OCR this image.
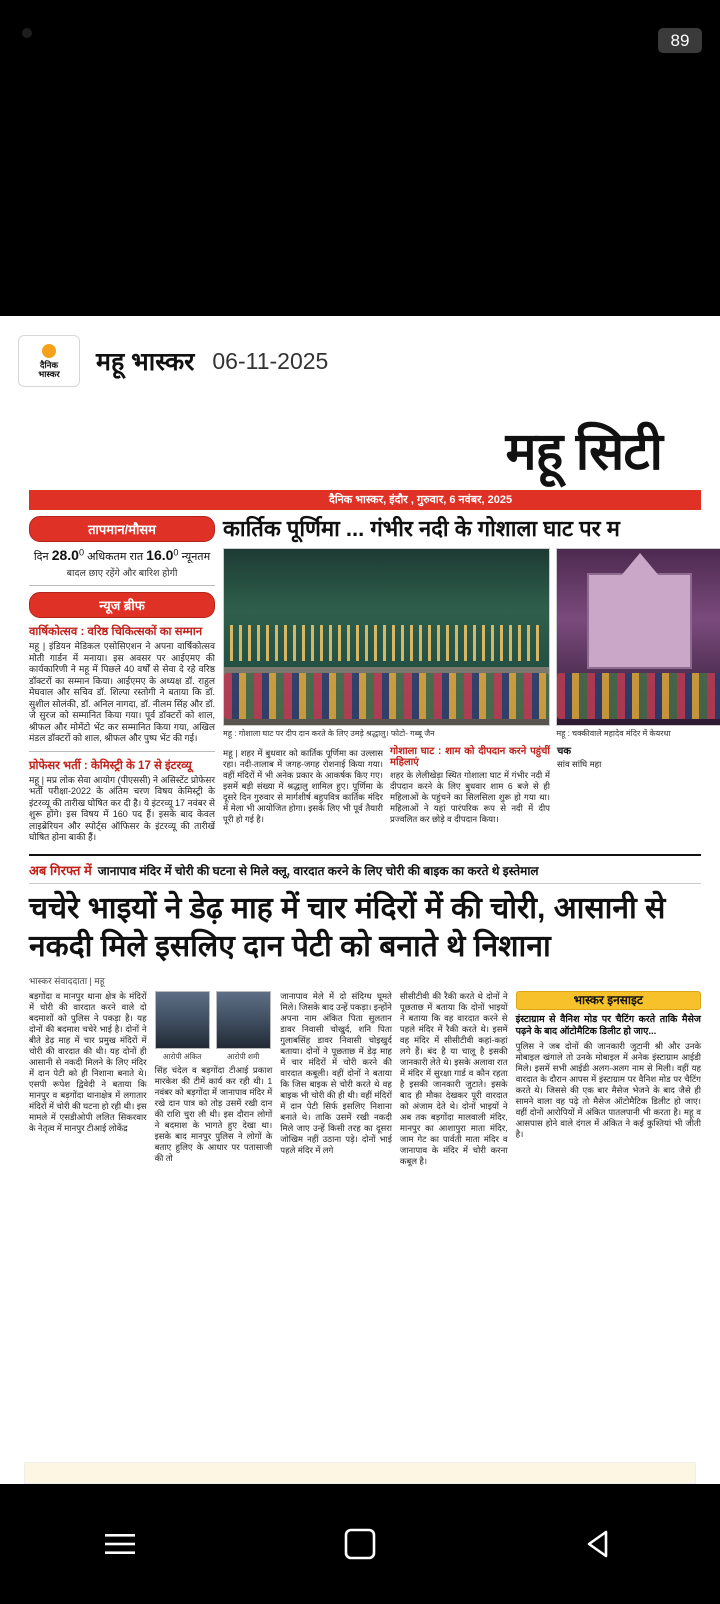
89
दैनिक
भास्कर महू भास्कर 06-11-2025
महू सिटी
दैनिक भास्कर, इंदौर , गुरुवार, 6 नवंबर, 2025
तापमान/मौसम
दिन 28.0$^0$ अधिकतम रात 16.0$^0$ न्यूनतम
बादल छाए रहेंगे और बारिश होगी
न्यूज ब्रीफ
वार्षिकोत्सव : वरिष्ठ चिकित्सकों का सम्मान
महू | इंडियन मेडिकल एसोसिएशन ने अपना वार्षिकोत्सव मोती गार्डन में मनाया। इस अवसर पर आईएमए की कार्यकारिणी ने महू में पिछले 40 वर्षों से सेवा दे रहे वरिष्ठ डॉक्टरों का सम्मान किया। आईएमए के अध्यक्ष डॉ. राहुल मेघवाल और सचिव डॉ. शिल्पा रस्तोगी ने बताया कि डॉ. सुशील सोलंकी, डॉ. अनिल नागदा, डॉ. नीलम सिंह और डॉ. जे सुरज को सम्मानित किया गया। पूर्व डॉक्टरों को शाल, श्रीफल और मोमेंटो भेंट कर सम्मानित किया गया, अखिल मंडल डॉक्टरों को शाल, श्रीफल और पुष्प भेंट की गई।
प्रोफेसर भर्ती : केमिस्ट्री के 17 से इंटरव्यू
महू | मप्र लोक सेवा आयोग (पीएससी) ने असिस्टेंट प्रोफेसर भर्ती परीक्षा-2022 के अंतिम चरण विषय केमिस्ट्री के इंटरव्यू की तारीख घोषित कर दी है। ये इंटरव्यू 17 नवंबर से शुरू होंगे। इस विषय में 160 पद हैं। इसके बाद केवल लाइब्रेरियन और स्पोर्ट्स ऑफिसर के इंटरव्यू की तारीखें घोषित होना बाकी हैं।
कार्तिक पूर्णिमा ... गंभीर नदी के गोशाला घाट पर म
महू : गोशाला घाट पर दीप दान करते के लिए उमड़े श्रद्धालु। फोटो- गब्बू जैन	महू : चक्कीवाले महादेव मंदिर में केयरधा
महू | शहर में बुधवार को कार्तिक पूर्णिमा का उल्लास रहा। नदी-तालाब में जगह-जगह रोशनाई किया गया। वहीं मंदिरों में भी अनेक प्रकार के आकर्षक किए गए। इसमें बड़ी संख्या में श्रद्धालु शामिल हुए। पूर्णिमा के दूसरे दिन गुरुवार से मार्गशीर्ष बहुपवित्र कार्तिक मंदिर में मेला भी आयोजित होगा। इसके लिए भी पूर्व तैयारी पूरी हो गई है।
गोशाला घाट : शाम को दीपदान करने पहुंचीं महिलाएं
शहर के लेलीखेड़ा स्थित गोशाला घाट में गंभीर नदी में दीपदान करने के लिए बुधवार शाम 6 बजे से ही महिलाओं के पहुंचने का सिलसिला शुरू हो गया था। महिलाओं ने यहां पारंपरिक रूप से नदी में दीप प्रज्वलित कर छोड़े व दीपदान किया।
चक
सांव सांघि महा
अब गिरफ्त में जानापाव मंदिर में चोरी की घटना से मिले क्लू, वारदात करने के लिए चोरी की बाइक का करते थे इस्तेमाल
चचेरे भाइयों ने डेढ़ माह में चार मंदिरों में की चोरी, आसानी से नकदी मिले इसलिए दान पेटी को बनाते थे निशाना
भास्कर संवाददाता | महू
बड़गोंदा व मानपुर थाना क्षेत्र के मंदिरों में चोरी की वारदात करने वाले दो बदमाशों को पुलिस ने पकड़ा है। यह दोनों की बदमाश चचेरे भाई है। दोनों ने बीते डेढ़ माह में चार प्रमुख मंदिरों में चोरी की वारदात की थी। यह दोनों ही आसानी से नकदी मिलने के लिए मंदिर में दान पेटी को ही निशाना बनाते थे। एसपी रूपेश द्विवेदी ने बताया कि मानपुर व बड़गोंदा थानाक्षेत्र में लगातार मंदिरों में चोरी की घटना हो रही थी। इस मामले में एसडीओपी ललित सिकरवार के नेतृत्व में मानपुर टीआई लोकेंद्र
आरोपी अंकित	आरोपी शमी
सिंह चंदेल व बड़गोंदा टीआई प्रकाश मारकेश की टीमें कार्य कर रही थी। 1 नवंबर को बड़गोंदा में जानापाव मंदिर में रखे दान पात्र को तोड़ उसमें रखी दान की राशि चुरा ली थी। इस दौरान लोगों ने बदमाश के भागते हुए देखा था। इसके बाद मानपुर पुलिस ने लोगों के बताए हुलिए के आधार पर पतासाजी की तो
जानापाव मेले में दो संदिग्ध घूमते मिले। जिसके बाद उन्हें पकड़ा। इन्होंने अपना नाम अंकित पिता सुलतान डावर निवासी चोखुर्द, शनि पिता गुलाबसिंह डावर निवासी चोइखुर्द बताया। दोनों ने पूछताछ में डेढ़ माह में चार मंदिरों में चोरी करने की वारदात कबूली। वहीं दोनों ने बताया कि जिस बाइक से चोरी करते थे वह बाइक भी चोरी की ही थी। वहीं मंदिरों में दान पेटी सिर्फ इसलिए निशाना बनाते थे। ताकि उसमें रखी नकदी मिले जाए उन्हें किसी तरह का दूसरा जोखिम नहीं उठाना पड़े। दोनों भाई पहले मंदिर में लगे
सीसीटीवी की रैकी करते थे दोनों ने पूछताछ में बताया कि दोनों भाइयों ने बताया कि वह वारदात करने से पहले मंदिर में रैकी करते थे। इसमें वह मंदिर में सीसीटीवी कहां-कहां लगे हैं। बंद है या चालू है इसकी जानकारी लेते थे। इसके अलावा रात में मंदिर में सुरक्षा गार्ड व कौन रहता है इसकी जानकारी जुटाते। इसके बाद ही मौका देखकर पूरी वारदात को अंजाम देते थे। दोनों भाइयों ने अब तक बड़गोंदा मालवाली मंदिर, मानपुर का आशापुरा माता मंदिर, जाम गेट का पार्वती माता मंदिर व जानापाव के मंदिर में चोरी करना कबूल है।
भास्कर इनसाइट
इंस्टाग्राम से वैनिश मोड पर चैटिंग करते ताकि मैसेज पढ़ने के बाद ऑटोमैटिक डिलीट हो जाए...
पुलिस ने जब दोनों की जानकारी जुटानी श्री और उनके मोबाइल खंगाले तो उनके मोबाइल में अनेक इंस्टाग्राम आईडी मिले। इसमें सभी आईडी अलग-अलग नाम से मिली। वहीं यह वारदात के दौरान आपस में इंस्टाग्राम पर वैनिश मोड पर चैटिंग करते थे। जिससे की एक बार मैसेज भेजने के बाद जैसे ही सामने वाला वह पढ़े तो मैसेज ऑटोमैटिक डिलीट हो जाए। वहीं दोनों आरोपियों में अंकित पातलपानी भी करता है। महू व आसपास होने वाले दंगल में अंकित ने कई कुश्तियां भी जीती है।
